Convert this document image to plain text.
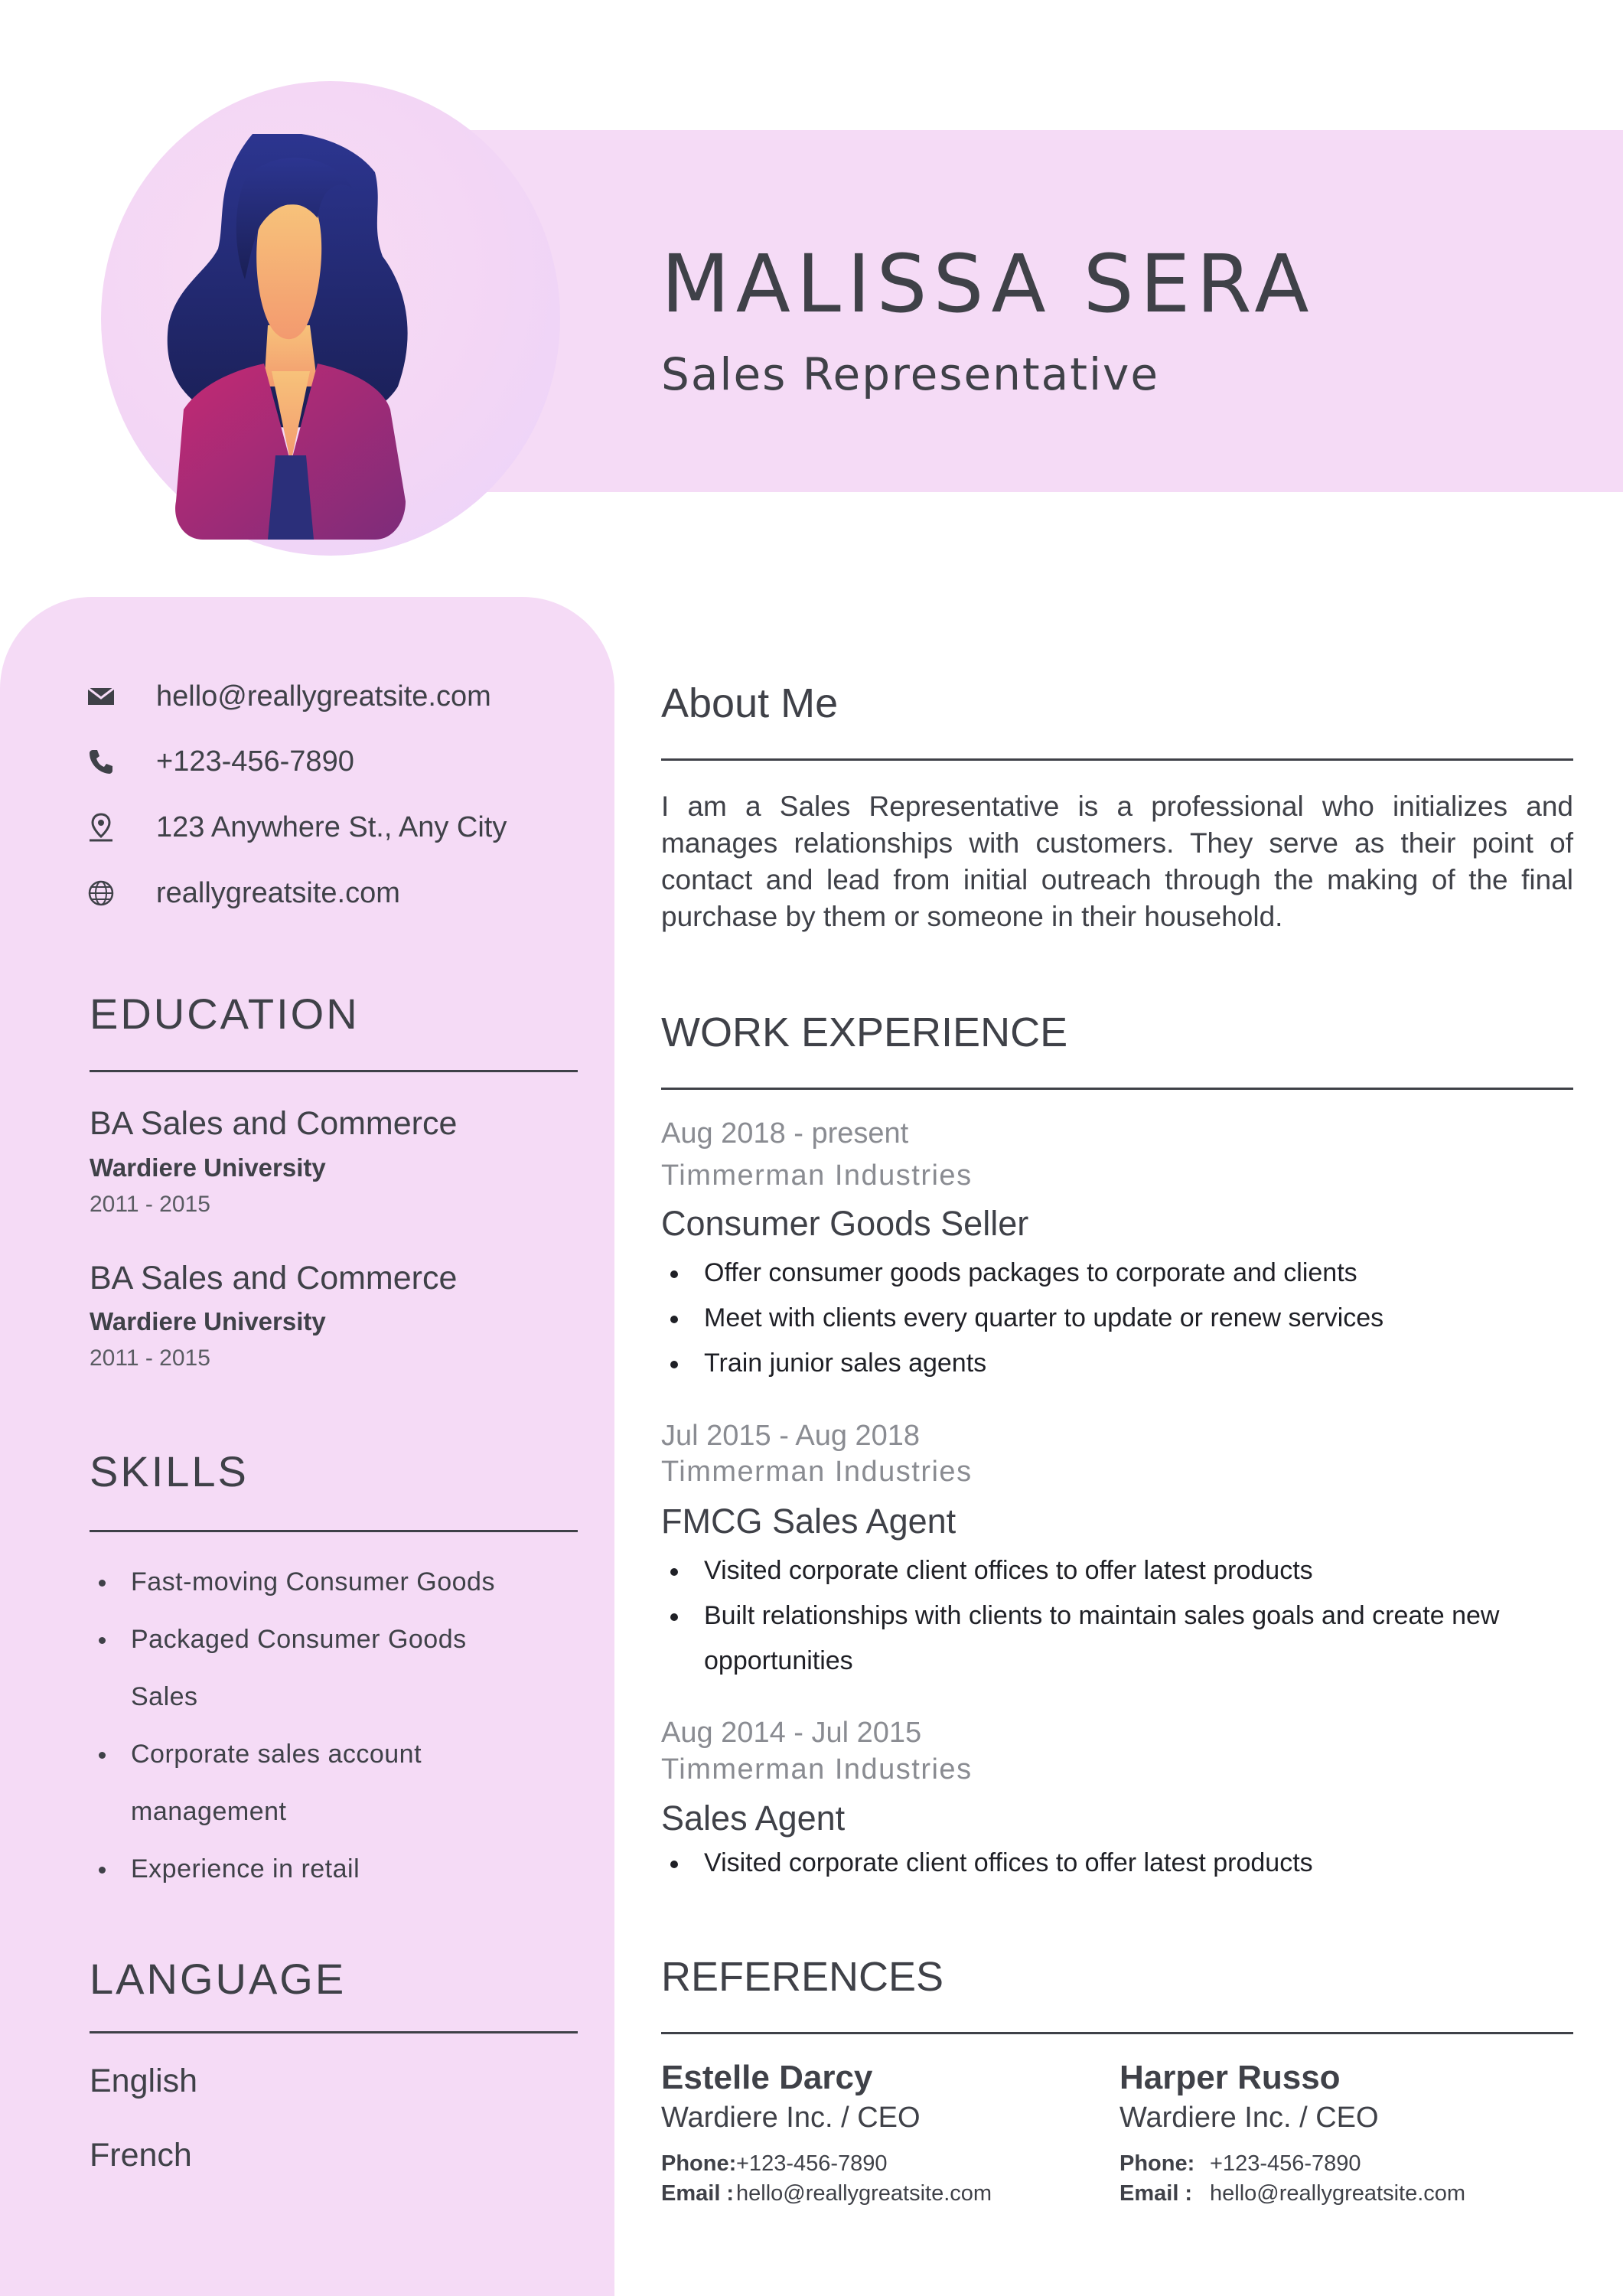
MALISSA SERA
Sales Representative
hello@reallygreatsite.com
+123-456-7890
123 Anywhere St., Any City
reallygreatsite.com
EDUCATION
BA Sales and Commerce
Wardiere University
2011 - 2015
BA Sales and Commerce
Wardiere University
2011 - 2015
SKILLS
Fast-moving Consumer Goods
Packaged Consumer Goods Sales
Corporate sales account management
Experience in retail
LANGUAGE
English
French
About Me
I am a Sales Representative is a professional who initializes and manages relationships with customers. They serve as their point of contact and lead from initial outreach through the making of the final purchase by them or someone in their household.
WORK EXPERIENCE
Aug 2018 - present
Timmerman Industries
Consumer Goods Seller
Offer consumer goods packages to corporate and clients
Meet with clients every quarter to update or renew services
Train junior sales agents
Jul 2015 - Aug 2018
Timmerman Industries
FMCG Sales Agent
Visited corporate client offices to offer latest products
Built relationships with clients to maintain sales goals and create new opportunities
Aug 2014 - Jul 2015
Timmerman Industries
Sales Agent
Visited corporate client offices to offer latest products
REFERENCES
Estelle Darcy
Wardiere Inc. / CEO
Phone:+123-456-7890
Email : hello@reallygreatsite.com
Harper Russo
Wardiere Inc. / CEO
Phone: +123-456-7890
Email : hello@reallygreatsite.com
